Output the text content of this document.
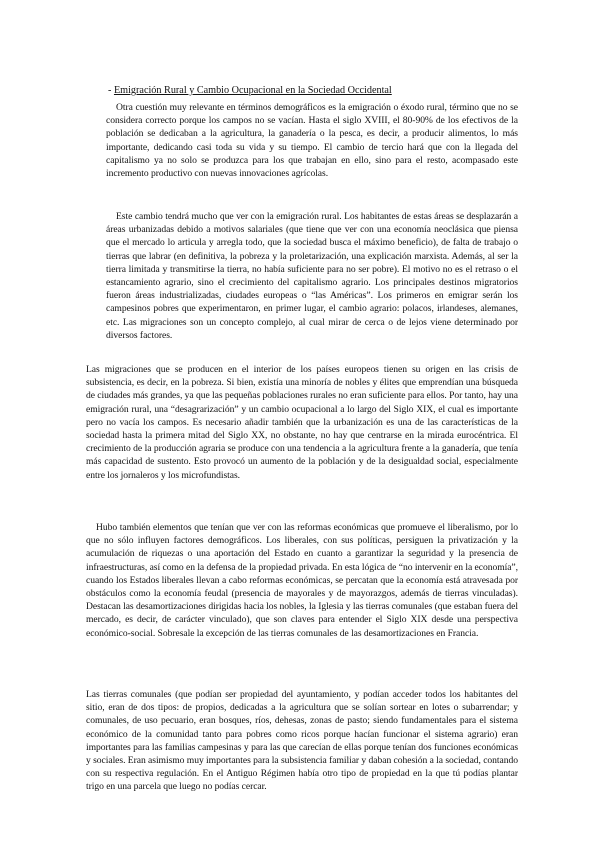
- Emigración Rural y Cambio Ocupacional en la Sociedad Occidental

Otra cuestión muy relevante en términos demográficos es la emigración o éxodo rural, término que no se considera correcto porque los campos no se vacían. Hasta el siglo XVIII, el 80-90% de los efectivos de la población se dedicaban a la agricultura, la ganadería o la pesca, es decir, a producir alimentos, lo más importante, dedicando casi toda su vida y su tiempo. El cambio de tercio hará que con la llegada del capitalismo ya no solo se produzca para los que trabajan en ello, sino para el resto, acompasado este incremento productivo con nuevas innovaciones agrícolas.

Este cambio tendrá mucho que ver con la emigración rural. Los habitantes de estas áreas se desplazarán a áreas urbanizadas debido a motivos salariales (que tiene que ver con una economía neoclásica que piensa que el mercado lo articula y arregla todo, que la sociedad busca el máximo beneficio), de falta de trabajo o tierras que labrar (en definitiva, la pobreza y la proletarización, una explicación marxista. Además, al ser la tierra limitada y transmitirse la tierra, no había suficiente para no ser pobre). El motivo no es el retraso o el estancamiento agrario, sino el crecimiento del capitalismo agrario. Los principales destinos migratorios fueron áreas industrializadas, ciudades europeas o “las Américas”. Los primeros en emigrar serán los campesinos pobres que experimentaron, en primer lugar, el cambio agrario: polacos, irlandeses, alemanes, etc. Las migraciones son un concepto complejo, al cual mirar de cerca o de lejos viene determinado por diversos factores.

Las migraciones que se producen en el interior de los países europeos tienen su origen en las crisis de subsistencia, es decir, en la pobreza. Si bien, existía una minoría de nobles y élites que emprendían una búsqueda de ciudades más grandes, ya que las pequeñas poblaciones rurales no eran suficiente para ellos. Por tanto, hay una emigración rural, una “desagrarización” y un cambio ocupacional a lo largo del Siglo XIX, el cual es importante pero no vacía los campos. Es necesario añadir también que la urbanización es una de las características de la sociedad hasta la primera mitad del Siglo XX, no obstante, no hay que centrarse en la mirada eurocéntrica. El crecimiento de la producción agraria se produce con una tendencia a la agricultura frente a la ganadería, que tenía más capacidad de sustento. Esto provocó un aumento de la población y de la desigualdad social, especialmente entre los jornaleros y los microfundistas.

Hubo también elementos que tenían que ver con las reformas económicas que promueve el liberalismo, por lo que no sólo influyen factores demográficos. Los liberales, con sus políticas, persiguen la privatización y la acumulación de riquezas o una aportación del Estado en cuanto a garantizar la seguridad y la presencia de infraestructuras, así como en la defensa de la propiedad privada. En esta lógica de “no intervenir en la economía”, cuando los Estados liberales llevan a cabo reformas económicas, se percatan que la economía está atravesada por obstáculos como la economía feudal (presencia de mayorales y de mayorazgos, además de tierras vinculadas). Destacan las desamortizaciones dirigidas hacia los nobles, la Iglesia y las tierras comunales (que estaban fuera del mercado, es decir, de carácter vinculado), que son claves para entender el Siglo XIX desde una perspectiva económico-social. Sobresale la excepción de las tierras comunales de las desamortizaciones en Francia.

Las tierras comunales (que podían ser propiedad del ayuntamiento, y podían acceder todos los habitantes del sitio, eran de dos tipos: de propios, dedicadas a la agricultura que se solían sortear en lotes o subarrendar; y comunales, de uso pecuario, eran bosques, ríos, dehesas, zonas de pasto; siendo fundamentales para el sistema económico de la comunidad tanto para pobres como ricos porque hacían funcionar el sistema agrario) eran importantes para las familias campesinas y para las que carecían de ellas porque tenían dos funciones económicas y sociales. Eran asimismo muy importantes para la subsistencia familiar y daban cohesión a la sociedad, contando con su respectiva regulación. En el Antiguo Régimen había otro tipo de propiedad en la que tú podías plantar trigo en una parcela que luego no podías cercar.
